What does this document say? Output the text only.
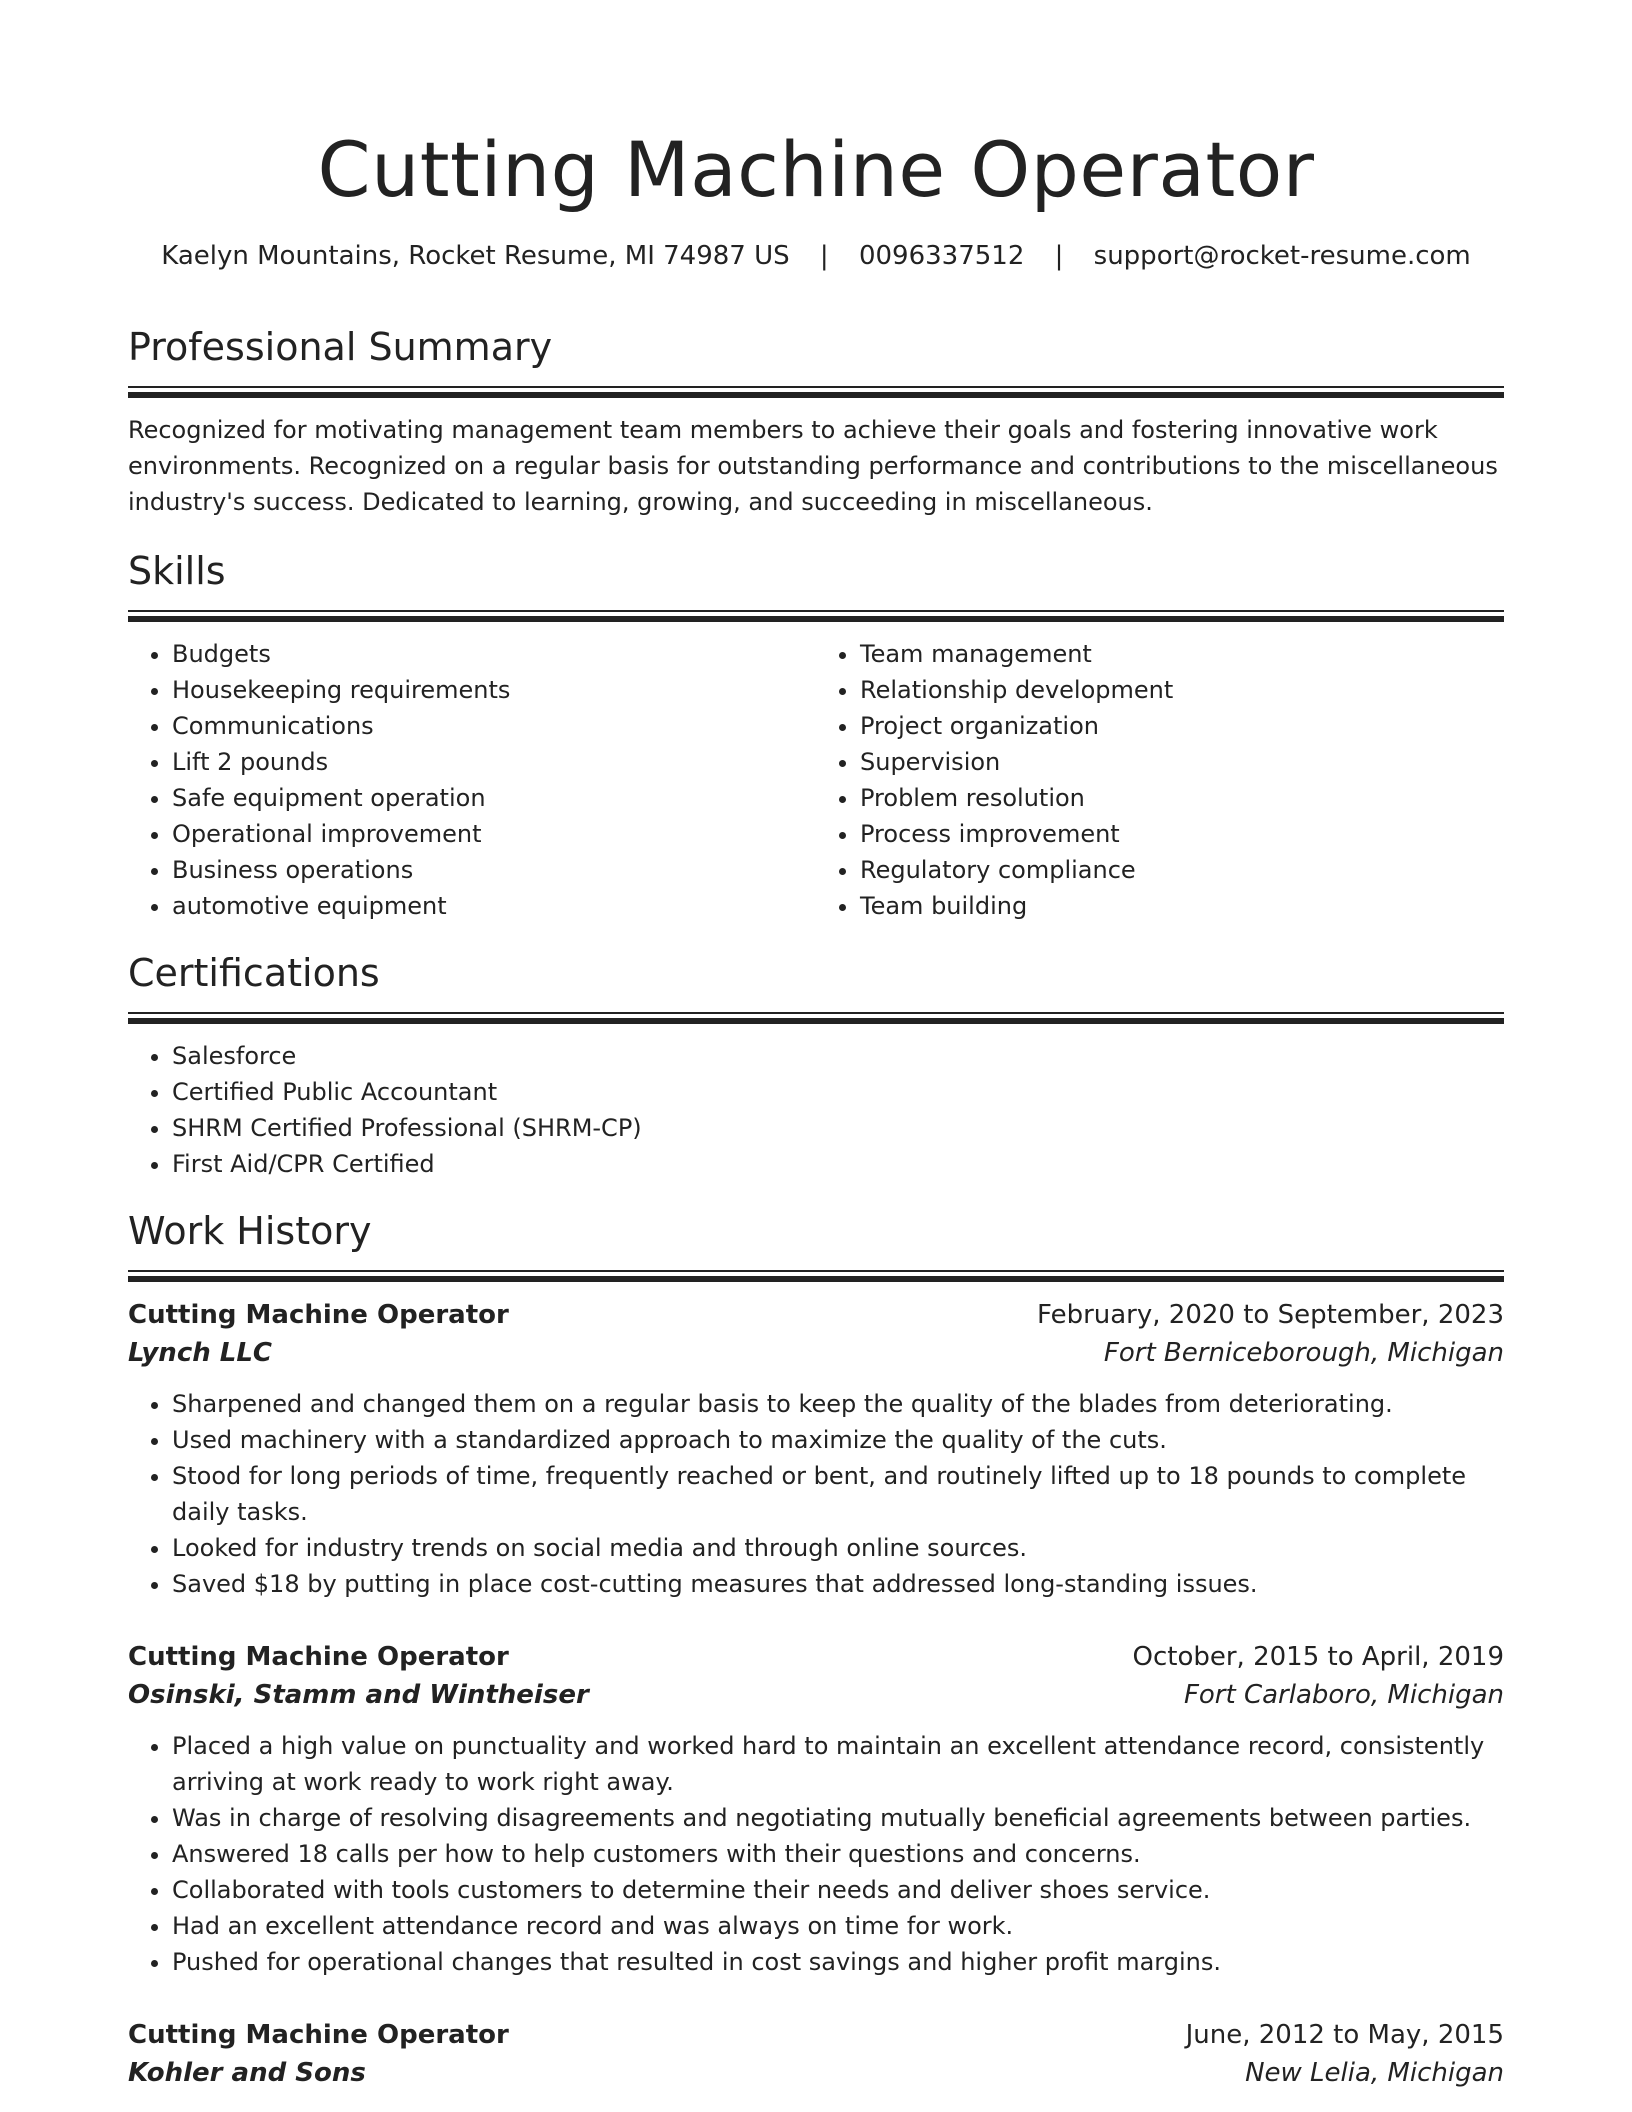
Cutting Machine Operator
Kaelyn Mountains, Rocket Resume, MI 74987 US | 0096337512 | support@rocket-resume.com
Professional Summary

Recognized for motivating management team members to achieve their goals and fostering innovative work environments. Recognized on a regular basis for outstanding performance and contributions to the miscellaneous industry's success. Dedicated to learning, growing, and succeeding in miscellaneous.

Skills
• Budgets
• Housekeeping requirements
• Communications
• Lift 2 pounds
• Safe equipment operation
• Operational improvement
• Business operations
• automotive equipment
• Team management
• Relationship development
• Project organization
• Supervision
• Problem resolution
• Process improvement
• Regulatory compliance
• Team building
Certifications
• Salesforce
• Certified Public Accountant
• SHRM Certified Professional (SHRM-CP)
• First Aid/CPR Certified
Work History
Cutting Machine Operator	February, 2020 to September, 2023
Lynch LLC	Fort Berniceborough, Michigan
• Sharpened and changed them on a regular basis to keep the quality of the blades from deteriorating.
• Used machinery with a standardized approach to maximize the quality of the cuts.
• Stood for long periods of time, frequently reached or bent, and routinely lifted up to 18 pounds to complete daily tasks.
• Looked for industry trends on social media and through online sources.
• Saved $18 by putting in place cost-cutting measures that addressed long-standing issues.
Cutting Machine Operator	October, 2015 to April, 2019
Osinski, Stamm and Wintheiser	Fort Carlaboro, Michigan
• Placed a high value on punctuality and worked hard to maintain an excellent attendance record, consistently arriving at work ready to work right away.
• Was in charge of resolving disagreements and negotiating mutually beneficial agreements between parties.
• Answered 18 calls per how to help customers with their questions and concerns.
• Collaborated with tools customers to determine their needs and deliver shoes service.
• Had an excellent attendance record and was always on time for work.
• Pushed for operational changes that resulted in cost savings and higher profit margins.
Cutting Machine Operator	June, 2012 to May, 2015
Kohler and Sons	New Lelia, Michigan
